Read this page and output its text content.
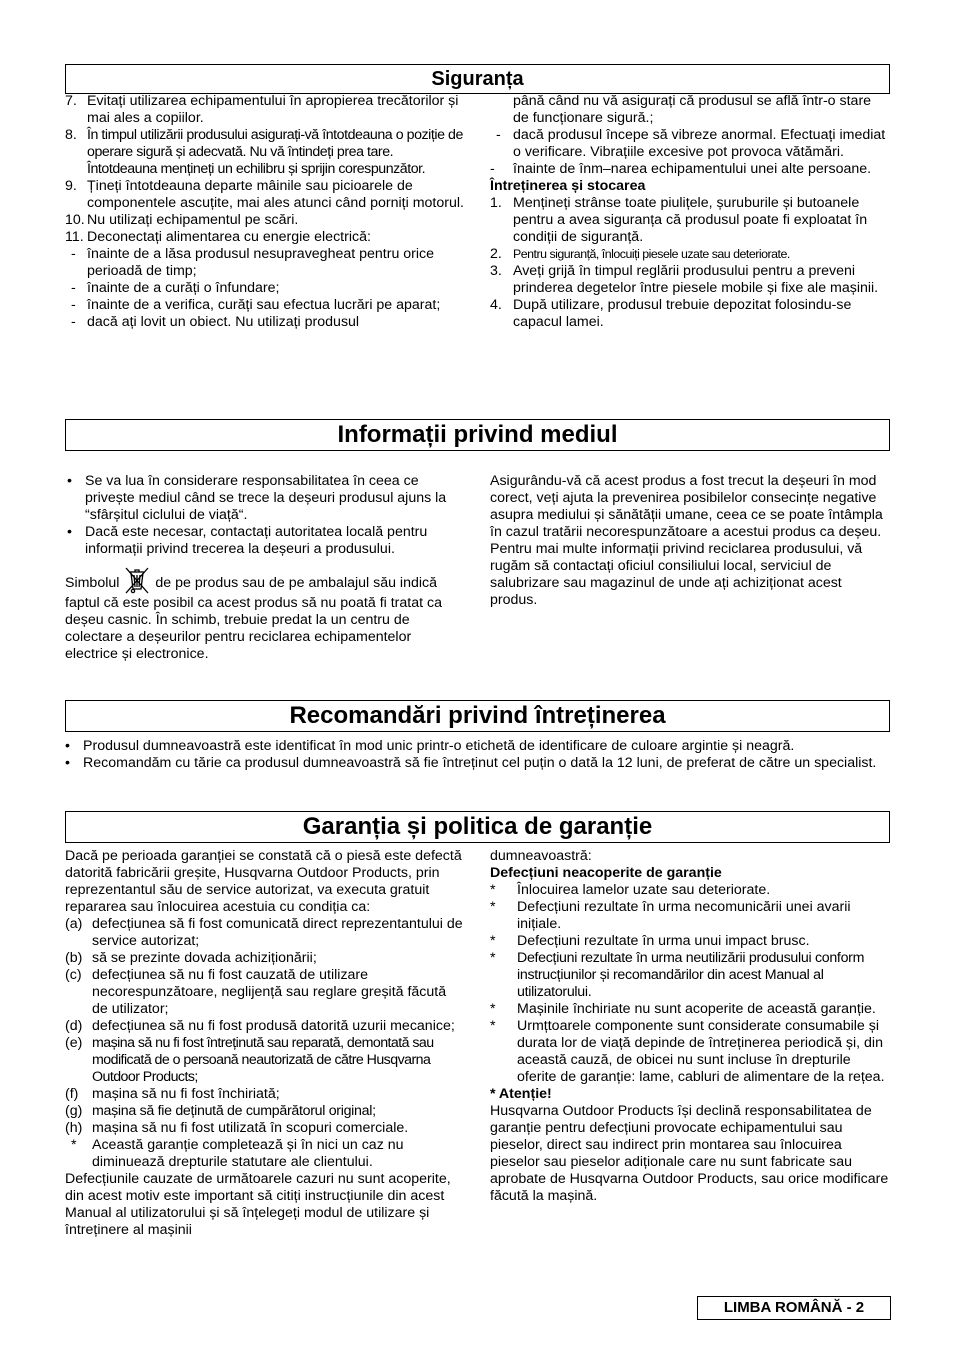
Siguranța
7. Evitați utilizarea echipamentului în apropierea trecătorilor și mai ales a copiilor.
8. În timpul utilizării produsului asigurați-vă întotdeauna o poziție de operare sigură și adecvată. Nu vă întindeți prea tare. Întotdeauna mențineți un echilibru și sprijin corespunzător.
9. Țineți întotdeauna departe mâinile sau picioarele de componentele ascuțite, mai ales atunci când porniți motorul.
10. Nu utilizați echipamentul pe scări.
11. Deconectați alimentarea cu energie electrică:
- înainte de a lăsa produsul nesupravegheat pentru orice perioadă de timp;
- înainte de a curăți o înfundare;
- înainte de a verifica, curăți sau efectua lucrări pe aparat;
- dacă ați lovit un obiect. Nu utilizați produsul
până când nu vă asigurați că produsul se află într-o stare de funcționare sigură.;
- dacă produsul începe să vibreze anormal. Efectuați imediat o verificare. Vibrațiile excesive pot provoca vătămări.
- înainte de înm–narea echipamentului unei alte persoane.
Întreținerea și stocarea
1. Mențineți strânse toate piulițele, șuruburile și butoanele pentru a avea siguranța că produsul poate fi exploatat în condiții de siguranță.
2. Pentru siguranță, înlocuiți piesele uzate sau deteriorate.
3. Aveți grijă în timpul reglării produsului pentru a preveni prinderea degetelor între piesele mobile și fixe ale mașinii.
4. După utilizare, produsul trebuie depozitat folosindu-se capacul lamei.
Informații privind mediul
• Se va lua în considerare responsabilitatea în ceea ce privește mediul când se trece la deșeuri produsul ajuns la “sfârșitul ciclului de viață“.
• Dacă este necesar, contactați autoritatea locală pentru informații privind trecerea la deșeuri a produsului.
Simbolul	de pe produs sau de pe ambalajul său indică faptul că este posibil ca acest produs să nu poată fi tratat ca deșeu casnic. În schimb, trebuie predat la un centru de colectare a deșeurilor pentru reciclarea echipamentelor electrice și electronice.

Asigurându-vă că acest produs a fost trecut la deșeuri în mod corect, veți ajuta la prevenirea posibilelor consecințe negative asupra mediului și sănătății umane, ceea ce se poate întâmpla în cazul tratării necorespunzătoare a acestui produs ca deșeu. Pentru mai multe informații privind reciclarea produsului, vă rugăm să contactați oficiul consiliului local, serviciul de salubrizare sau magazinul de unde ați achiziționat acest produs.

Recomandări privind întreținerea
• Produsul dumneavoastră este identificat în mod unic printr-o etichetă de identificare de culoare argintie și neagră.
• Recomandăm cu tărie ca produsul dumneavoastră să fie întreținut cel puțin o dată la 12 luni, de preferat de către un specialist.
Garanția și politica de garanție

Dacă pe perioada garanției se constată că o piesă este defectă datorită fabricării greșite, Husqvarna Outdoor Products, prin reprezentantul său de service autorizat, va executa gratuit repararea sau înlocuirea acestuia cu condiția ca:

(a) defecțiunea să fi fost comunicată direct reprezentantului de service autorizat;
(b) să se prezinte dovada achiziționării;
(c) defecțiunea să nu fi fost cauzată de utilizare necorespunzătoare, neglijență sau reglare greșită făcută de utilizator;
(d) defecțiunea să nu fi fost produsă datorită uzurii mecanice;
(e) mașina să nu fi fost întreținută sau reparată, demontată sau modificată de o persoană neautorizată de către Husqvarna Outdoor Products;
(f) mașina să nu fi fost închiriată;
(g) mașina să fie deținută de cumpărătorul original;
(h) mașina să nu fi fost utilizată în scopuri comerciale.
* Această garanție completează și în nici un caz nu diminuează drepturile statutare ale clientului.

Defecțiunile cauzate de următoarele cazuri nu sunt acoperite, din acest motiv este important să citiți instrucțiunile din acest Manual al utilizatorului și să înțelegeți modul de utilizare și întreținere al mașinii

dumneavoastră:
Defecțiuni neacoperite de garanție
* Înlocuirea lamelor uzate sau deteriorate.
* Defecțiuni rezultate în urma necomunicării unei avarii inițiale.
* Defecțiuni rezultate în urma unui impact brusc.
* Defecțiuni rezultate în urma neutilizării produsului conform instrucțiunilor și recomandărilor din acest Manual al utilizatorului.
* Mașinile închiriate nu sunt acoperite de această garanție.
* Urmțtoarele componente sunt considerate consumabile și durata lor de viață depinde de întreținerea periodică și, din această cauză, de obicei nu sunt incluse în drepturile oferite de garanție: lame, cabluri de alimentare de la rețea.
* Atenție!

Husqvarna Outdoor Products își declină responsabilitatea de garanție pentru defecțiuni provocate echipamentului sau pieselor, direct sau indirect prin montarea sau înlocuirea pieselor sau pieselor adiționale care nu sunt fabricate sau aprobate de Husqvarna Outdoor Products, sau orice modificare făcută la mașină.

LIMBA ROMÂNĂ - 2
